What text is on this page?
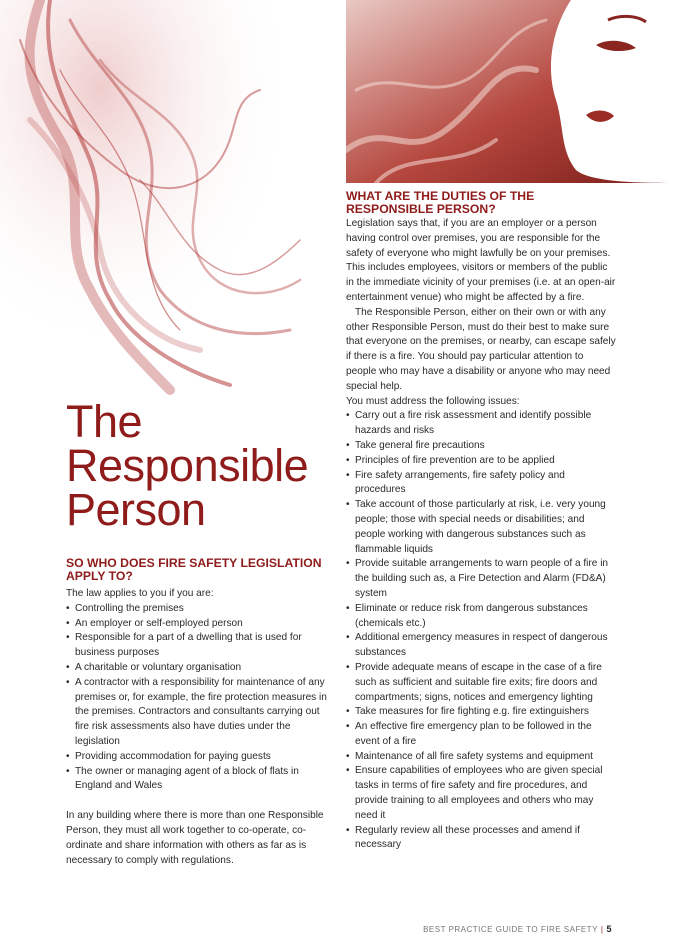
The
Responsible
Person
SO WHO DOES FIRE SAFETY LEGISLATION APPLY TO?

The law applies to you if you are:

• Controlling the premises
• An employer or self-employed person
• Responsible for a part of a dwelling that is used for business purposes
• A charitable or voluntary organisation
• A contractor with a responsibility for maintenance of any premises or, for example, the fire protection measures in the premises. Contractors and consultants carrying out fire risk assessments also have duties under the legislation
• Providing accommodation for paying guests
• The owner or managing agent of a block of flats in England and Wales

In any building where there is more than one Responsible Person, they must all work together to co-operate, co-ordinate and share information with others as far as is necessary to comply with regulations.

WHAT ARE THE DUTIES OF THE RESPONSIBLE PERSON?

Legislation says that, if you are an employer or a person having control over premises, you are responsible for the safety of everyone who might lawfully be on your premises. This includes employees, visitors or members of the public in the immediate vicinity of your premises (i.e. at an open-air entertainment venue) who might be affected by a fire.

The Responsible Person, either on their own or with any other Responsible Person, must do their best to make sure that everyone on the premises, or nearby, can escape safely if there is a fire. You should pay particular attention to people who may have a disability or anyone who may need special help.

You must address the following issues:

• Carry out a fire risk assessment and identify possible hazards and risks
• Take general fire precautions
• Principles of fire prevention are to be applied
• Fire safety arrangements, fire safety policy and procedures
• Take account of those particularly at risk, i.e. very young people; those with special needs or disabilities; and people working with dangerous substances such as flammable liquids
• Provide suitable arrangements to warn people of a fire in the building such as, a Fire Detection and Alarm (FD&A) system
• Eliminate or reduce risk from dangerous substances (chemicals etc.)
• Additional emergency measures in respect of dangerous substances
• Provide adequate means of escape in the case of a fire such as sufficient and suitable fire exits; fire doors and compartments; signs, notices and emergency lighting
• Take measures for fire fighting e.g. fire extinguishers
• An effective fire emergency plan to be followed in the event of a fire
• Maintenance of all fire safety systems and equipment
• Ensure capabilities of employees who are given special tasks in terms of fire safety and fire procedures, and provide training to all employees and others who may need it
• Regularly review all these processes and amend if necessary
BEST PRACTICE GUIDE TO FIRE SAFETY | 5
